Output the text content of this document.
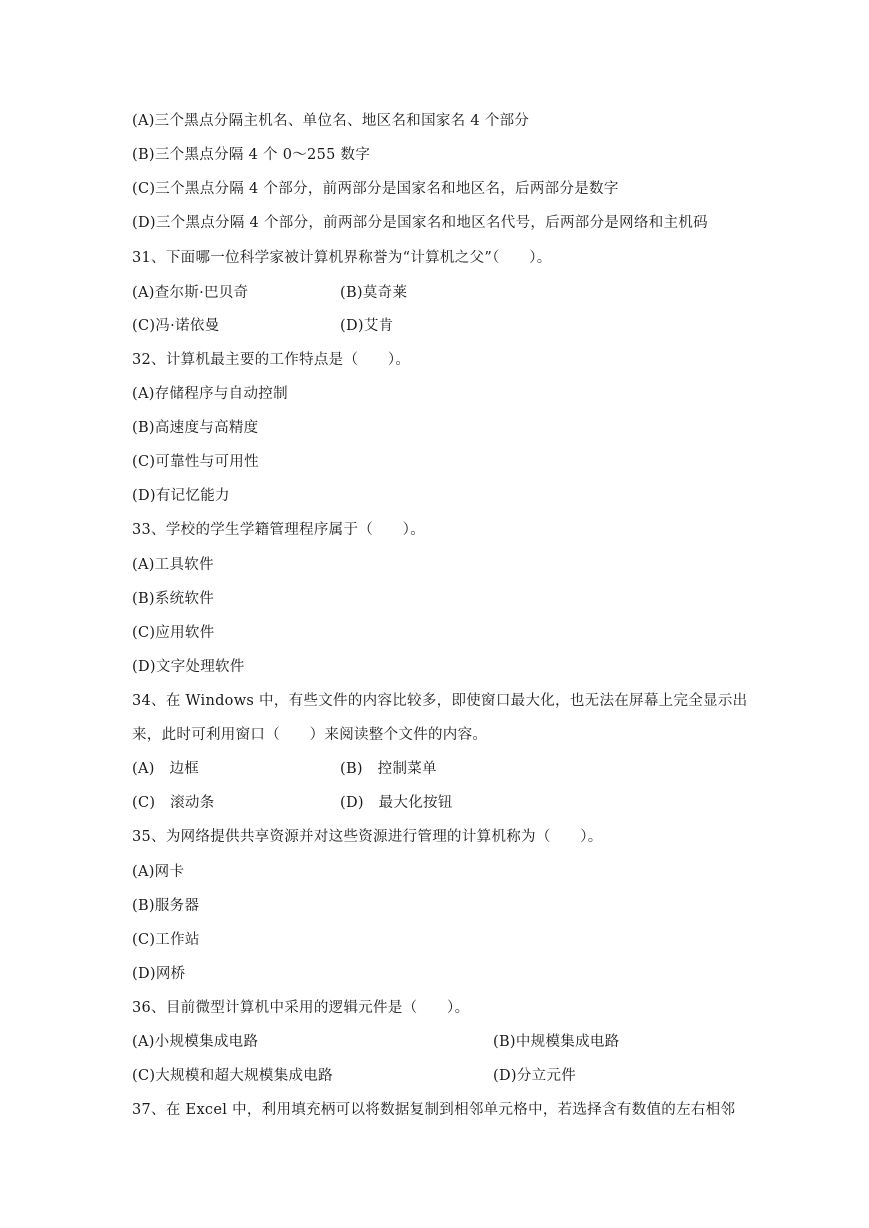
(A)三个黑点分隔主机名、单位名、地区名和国家名 4 个部分
(B)三个黑点分隔 4 个 0～255 数字
(C)三个黑点分隔 4 个部分，前两部分是国家名和地区名，后两部分是数字
(D)三个黑点分隔 4 个部分，前两部分是国家名和地区名代号，后两部分是网络和主机码
31、下面哪一位科学家被计算机界称誉为“计算机之父”（　　）。
(A)查尔斯·巴贝奇	(B)莫奇莱
(C)冯·诺依曼	(D)艾肯
32、计算机最主要的工作特点是（　　）。
(A)存储程序与自动控制
(B)高速度与高精度
(C)可靠性与可用性
(D)有记忆能力
33、学校的学生学籍管理程序属于（　　）。
(A)工具软件
(B)系统软件
(C)应用软件
(D)文字处理软件
34、在 Windows 中，有些文件的内容比较多，即使窗口最大化，也无法在屏幕上完全显示出
来，此时可利用窗口（　　）来阅读整个文件的内容。
(A)　边框	(B)　控制菜单
(C)　滚动条	(D)　最大化按钮
35、为网络提供共享资源并对这些资源进行管理的计算机称为（　　）。
(A)网卡
(B)服务器
(C)工作站
(D)网桥
36、目前微型计算机中采用的逻辑元件是（　　）。
(A)小规模集成电路	(B)中规模集成电路
(C)大规模和超大规模集成电路	(D)分立元件
37、在 Excel 中，利用填充柄可以将数据复制到相邻单元格中，若选择含有数值的左右相邻
